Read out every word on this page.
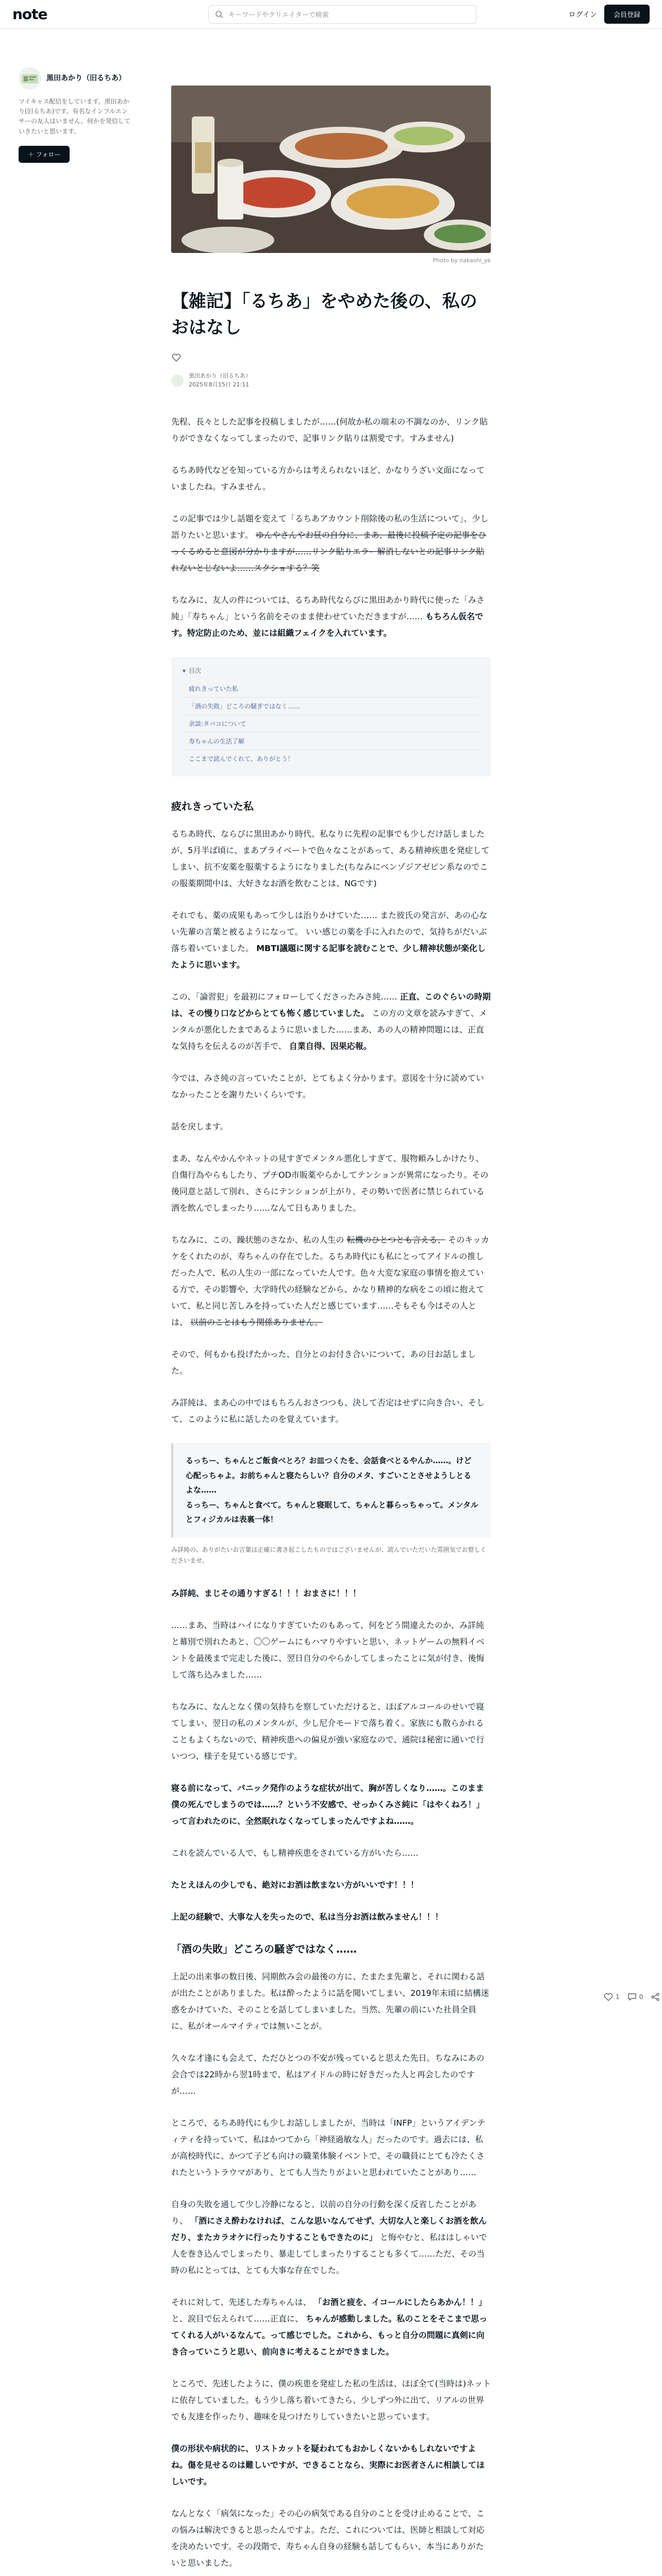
note	キーワードやクリエイターで検索	ログイン	会員登録
黒田あかり（旧るちあ）
ツイキャス配信をしています。黒田あかり(旧るちあ)です。有名なインフルエンサーの友人はいません。何かを発信していきたいと思います。
＋ フォロー
Photo by nakashi_yk
【雑記】「るちあ」をやめた後の、私のおはなし
黒田あかり（旧るちあ）
2025年8月15日 21:11

先程、長々とした記事を投稿しましたが……(何故か私の端末の不調なのか、リンク貼りができなくなってしまったので、記事リンク貼りは割愛です。すみません)

るちあ時代などを知っている方からは考えられないほど、かなりうざい文面になっていましたね。すみません。

この記事では少し話題を変えて「るちあアカウント削除後の私の生活について」、少し語りたいと思います。 ゆんやさんやお昼の自分に、まあ、最後に投稿予定の記事をひっくるめると意図が分かりますが……リンク貼りエラー解消しないとの記事リンク貼れないとじないよ……スクショする？笑

ちなみに、友人の件については、るちあ時代ならびに黒田あかり時代に使った「みさ純」「寿ちゃん」という名前をそのまま使わせていただきますが…… もちろん仮名です。特定防止のため、並には組織フェイクを入れています。

▾ 目次
疲れきっていた私
「酒の失敗」どころの騒ぎではなく……
余談:タバコについて
寿ちゃんの生活了解
ここまで読んでくれて、ありがとう！
疲れきっていた私

るちあ時代、ならびに黒田あかり時代、私なりに先程の記事でも少しだけ話しましたが、5月半ば頃に、まあプライベートで色々なことがあって、ある精神疾患を発症してしまい、抗不安薬を服薬するようになりました(ちなみにベンゾジアゼピン系なのでこの服薬期間中は、大好きなお酒を飲むことは、NGです)

それでも、薬の成果もあって少しは治りかけていた…… また彼氏の発言が、あの心ない先輩の言葉と被るようになって。 いい感じの薬を手に入れたので、気持ちがだいぶ落ち着いていました。 MBTI議題に関する記事を読むことで、少し精神状態が楽化したように思います。

この、「論習犯」を最初にフォローしてくださったみさ純…… 正直、このぐらいの時期は、その慢り口などからとても怖く感じていました。 この方の文章を読みすぎて、メンタルが悪化したまであるように思いました……まあ、あの人の精神問題には、正直な気持ちを伝えるのが苦手で、 自業自得、因果応報。

今では、みさ純の言っていたことが、とてもよく分かります。意図を十分に読めていなかったことを謝りたいくらいです。

話を戻します。

まあ、なんやかんやネットの見すぎでメンタル悪化しすぎて、服物頼みしかけたり、自傷行為やらもしたり、プチOD市販薬やらかしてテンションが異常になったり。その後同意と話して別れ、さらにテンションが上がり、その勢いで医者に禁じられている酒を飲んでしまったり……なんて日もありました。

ちなみに、この、躁状態のさなか、私の人生の 転機のひとつとも言える、 そのキッカケをくれたのが、寿ちゃんの存在でした。るちあ時代にも私にとってアイドルの推しだった人で、私の人生の一部になっていた人です。色々大変な家庭の事情を抱えている方で、その影響や、大学時代の経験などから、かなり精神的な病をこの頃に抱えていて、私と同じ苦しみを持っていた人だと感じています……そもそも今はその人とは、 以前のことはもう関係ありません。

そので、何もかも投げたかった、自分とのお付き合いについて、あの日お話しました。

み詳純は、まあ心の中ではもちろんおさつつも、決して否定はせずに向き合い、そして、このように私に話したのを覚えています。

るっちー、ちゃんとご飯食べとろ？お皿つくたを、会話食べとるやんか……。けど心配っちゃよ。お前ちゃんと寝たらしい？自分のメタ、すごいことさせようしとるよな……
るっちー、ちゃんと食べて。ちゃんと寝眠して、ちゃんと暮らっちゃって。メンタルとフィジカルは表裏一体！
み詳純の、ありがたいお言葉は正確に書き起こしたものではございませんが、読んでいただいた雰囲気でお察しくださいませ。

み詳純、まじその通りすぎる！！！おまさに！！！

……まあ、当時はハイになりすぎていたのもあって、何をどう間違えたのか、み詳純と幕別で別れたあと、〇〇ゲームにもハマりやすいと思い、ネットゲームの無料イベントを最後まで完走した後に、翌日自分のやらかしてしまったことに気が付き、後悔して落ち込みました……

ちなみに、なんとなく僕の気持ちを察していただけると、ほぼアルコールのせいで寝てしまい、翌日の私のメンタルが、少し尼介モードで落ち着く。家族にも散らかれることもよくちないので、精神疾患への偏見が強い家庭なので、通院は秘密に通いで行いつつ、様子を見ている感じです。

寝る前になって、パニック発作のような症状が出て、胸が苦しくなり……。このまま僕の死んでしまうのでは……？という不安感で、せっかくみさ純に「はやくねろ！」って言われたのに、全然眠れなくなってしまったんですよね……。

これを読んでいる人で、もし精神疾患をされている方がいたら……

たとえほんの少しでも、絶対にお酒は飲まない方がいいです！！！

上記の経験で、大事な人を失ったので、私は当分お酒は飲みません！！！

「酒の失敗」どころの騒ぎではなく……

上記の出来事の数日後、同期飲み会の最後の方に、たまたま先輩と、それに関わる話が出たことがありました。私は酔ったように話を聞いてしまい、2019年末頃に結構迷惑をかけていた、そのことを話してしまいました。当然、先輩の前にいた社員全員に、私がオールマイティでは無いことが。

久々な才逢にも会えて、ただひとつの不安が残っていると思えた先日。ちなみにあの会合では22時から翌1時まで、私はアイドルの時に好きだった人と再会したのですが……

ところで、るちあ時代にも少しお話ししましたが、当時は「INFP」というアイデンティティを持っていて、私はかつてから「神経過敏な人」だったのです。過去には、私が高校時代に、かつて子ども向けの職業体験イベントで、その職員にとても冷たくされたというトラウマがあり、とても人当たりがよいと思われていたことがあり……

自身の失敗を通して少し冷静になると、以前の自分の行動を深く反省したことがあり、 「酒にさえ酔わなければ、こんな思いなんてせず、大切な人と楽しくお酒を飲んだり、またカラオケに行ったりすることもできたのに」 と悔やむと、私ははしゃいで人を巻き込んでしまったり、暴走してしまったりすることも多くて……ただ、その当時の私にとっては、とても大事な存在でした。

それに対して、先述した寿ちゃんは、 「お酒と疲を、イコールにしたらあかん！！」 と、涙目で伝えられて……正直に、 ちゃんが感動しました。私のことをそこまで思ってくれる人がいるなんて。って感じでした。これから、もっと自分の問題に真剣に向き合っていこうと思い、前向きに考えることができました。

ところで、先述したように、僕の疾患を発症した私の生活は、ほぼ全て(当時は)ネットに依存していました。もう少し落ち着いてきたら、少しずつ外に出て、リアルの世界でも友達を作ったり、趣味を見つけたりしていきたいと思っています。

僕の形状や病状的に、リストカットを疑われてもおかしくないかもしれないですよね。傷を見せるのは難しいですが、できることなら、実際にお医者さんに相談してほしいです。

なんとなく「病気になった」その心の病気である自分のことを受け止めることで、この悩みは解決できると思ったんですよ。ただ、これについては、医師と相談して対応を決めたいです。その段階で、寿ちゃん自身の経験も話してもらい、本当にありがたいと思いました。

1	0
